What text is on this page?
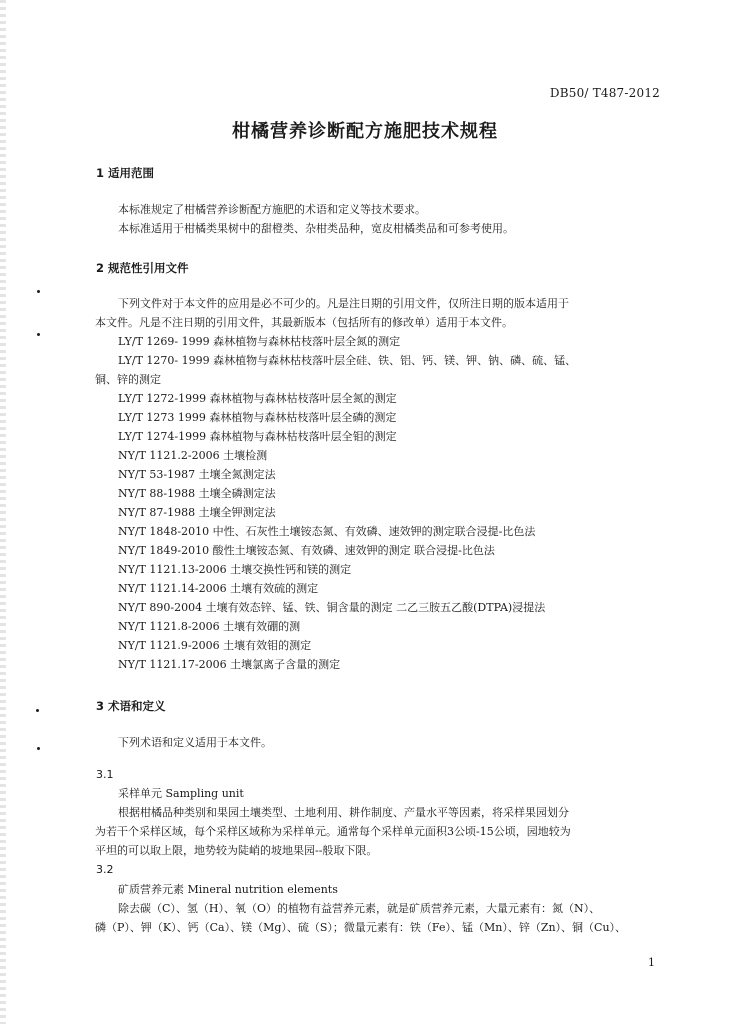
DB50/ T487-2012
柑橘营养诊断配方施肥技术规程
1 适用范围
本标准规定了柑橘营养诊断配方施肥的术语和定义等技术要求。
本标准适用于柑橘类果树中的甜橙类、杂柑类品种，宽皮柑橘类品和可参考使用。
2 规范性引用文件
下列文件对于本文件的应用是必不可少的。凡是注日期的引用文件，仅所注日期的版本适用于
本文件。凡是不注日期的引用文件，其最新版本（包括所有的修改单）适用于本文件。
LY/T 1269- 1999 森林植物与森林枯枝落叶层全氮的测定
LY/T 1270- 1999 森林植物与森林枯枝落叶层全硅、铁、铝、钙、镁、钾、钠、磷、硫、锰、
铜、锌的测定
LY/T 1272-1999 森林植物与森林枯枝落叶层全氮的测定
LY/T 1273 1999 森林植物与森林枯枝落叶层全磷的测定
LY/T 1274-1999 森林植物与森林枯枝落叶层全钼的测定
NY/T 1121.2-2006 土壤检测
NY/T 53-1987 土壤全氮测定法
NY/T 88-1988 土壤全磷测定法
NY/T 87-1988 土壤全钾测定法
NY/T 1848-2010 中性、石灰性土壤铵态氮、有效磷、速效钾的测定联合浸提-比色法
NY/T 1849-2010 酸性土壤铵态氮、有效磷、速效钾的测定 联合浸提-比色法
NY/T 1121.13-2006 土壤交换性钙和镁的测定
NY/T 1121.14-2006 土壤有效硫的测定
NY/T 890-2004 土壤有效态锌、锰、铁、铜含量的测定 二乙三胺五乙酸(DTPA)浸提法
NY/T 1121.8-2006 土壤有效硼的测
NY/T 1121.9-2006 土壤有效钼的测定
NY/T 1121.17-2006 土壤氯离子含量的测定
3 术语和定义
下列术语和定义适用于本文件。
3.1
采样单元 Sampling unit
根据柑橘品种类别和果园土壤类型、土地利用、耕作制度、产量水平等因素，将采样果园划分
为若干个采样区域，每个采样区域称为采样单元。通常每个采样单元面积3公顷-15公顷，园地较为
平坦的可以取上限，地势较为陡峭的坡地果园--般取下限。
3.2
矿质营养元素 Mineral nutrition elements
除去碳（C）、氢（H）、氧（O）的植物有益营养元素，就是矿质营养元素，大量元素有：氮（N）、
磷（P）、钾（K）、钙（Ca）、镁（Mg）、硫（S）；微量元素有：铁（Fe）、锰（Mn）、锌（Zn）、铜（Cu）、
1
